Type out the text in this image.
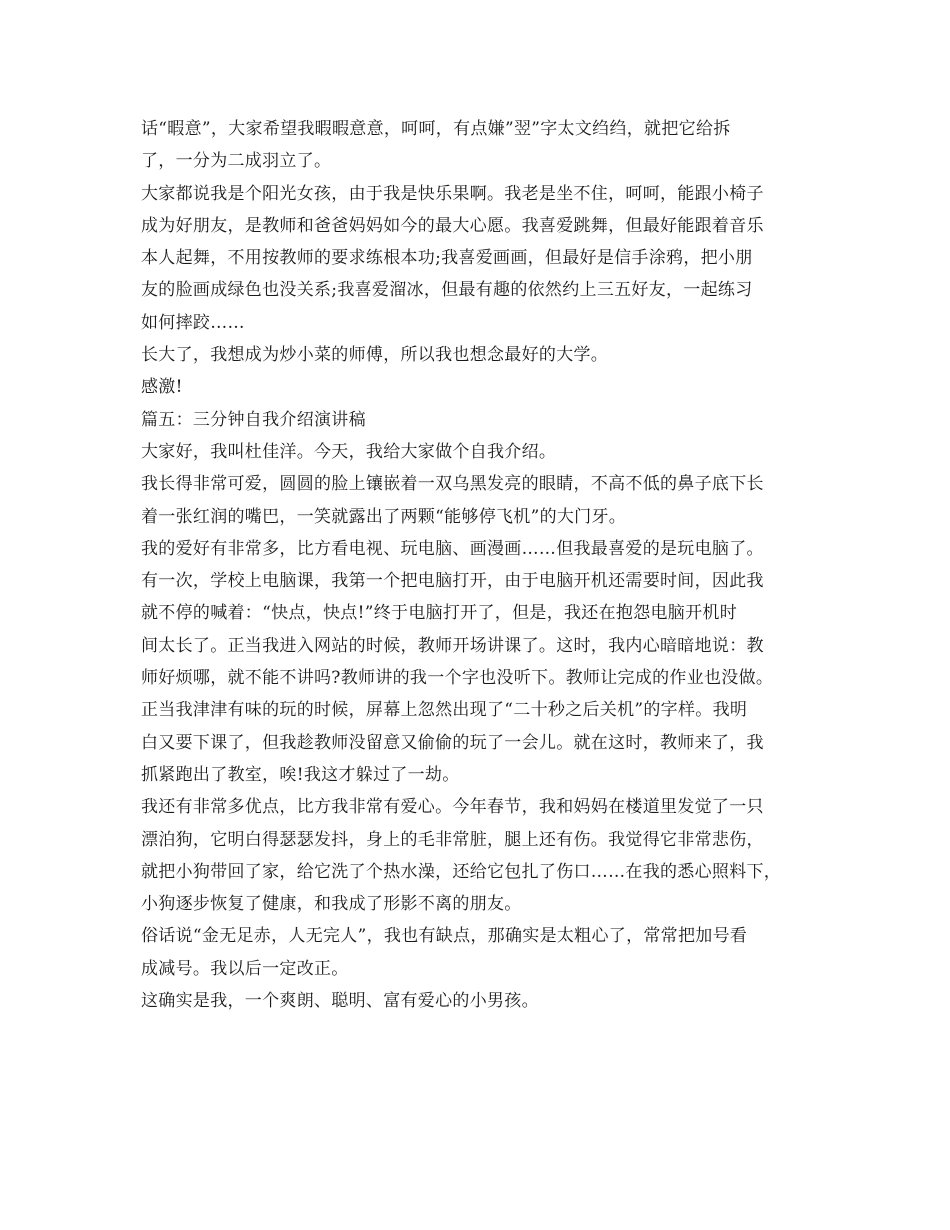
话“暇意”，大家希望我暇暇意意，呵呵，有点嫌”翌”字太文绉绉，就把它给拆
了，一分为二成羽立了。
大家都说我是个阳光女孩，由于我是快乐果啊。我老是坐不住，呵呵，能跟小椅子
成为好朋友，是教师和爸爸妈妈如今的最大心愿。我喜爱跳舞，但最好能跟着音乐
本人起舞，不用按教师的要求练根本功;我喜爱画画，但最好是信手涂鸦，把小朋
友的脸画成绿色也没关系;我喜爱溜冰，但最有趣的依然约上三五好友，一起练习
如何摔跤……
长大了，我想成为炒小菜的师傅，所以我也想念最好的大学。
感激!
篇五：三分钟自我介绍演讲稿
大家好，我叫杜佳洋。今天，我给大家做个自我介绍。
我长得非常可爱，圆圆的脸上镶嵌着一双乌黑发亮的眼睛，不高不低的鼻子底下长
着一张红润的嘴巴，一笑就露出了两颗“能够停飞机”的大门牙。
我的爱好有非常多，比方看电视、玩电脑、画漫画……但我最喜爱的是玩电脑了。
有一次，学校上电脑课，我第一个把电脑打开，由于电脑开机还需要时间，因此我
就不停的喊着：“快点，快点!”终于电脑打开了，但是，我还在抱怨电脑开机时
间太长了。正当我进入网站的时候，教师开场讲课了。这时，我内心暗暗地说：教
师好烦哪，就不能不讲吗?教师讲的我一个字也没听下。教师让完成的作业也没做。
正当我津津有味的玩的时候，屏幕上忽然出现了“二十秒之后关机”的字样。我明
白又要下课了，但我趁教师没留意又偷偷的玩了一会儿。就在这时，教师来了，我
抓紧跑出了教室，唉!我这才躲过了一劫。
我还有非常多优点，比方我非常有爱心。今年春节，我和妈妈在楼道里发觉了一只
漂泊狗，它明白得瑟瑟发抖，身上的毛非常脏，腿上还有伤。我觉得它非常悲伤，
就把小狗带回了家，给它洗了个热水澡，还给它包扎了伤口……在我的悉心照料下，
小狗逐步恢复了健康，和我成了形影不离的朋友。
俗话说“金无足赤，人无完人”，我也有缺点，那确实是太粗心了，常常把加号看
成减号。我以后一定改正。
这确实是我，一个爽朗、聪明、富有爱心的小男孩。
